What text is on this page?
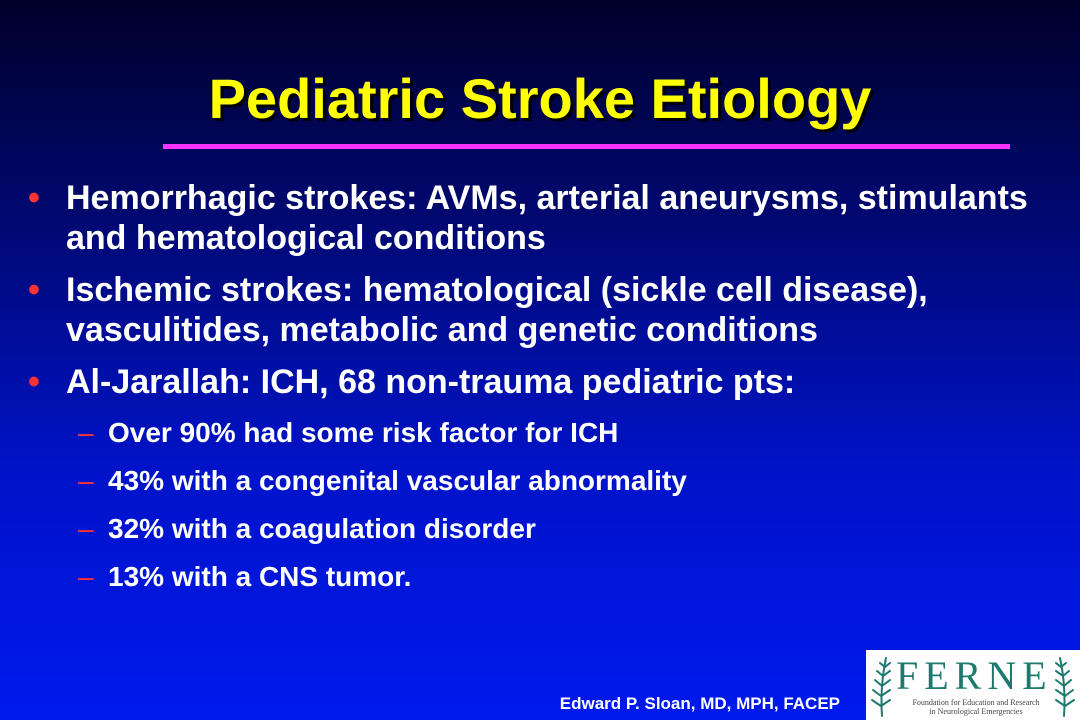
Pediatric Stroke Etiology
• Hemorrhagic strokes: AVMs, arterial aneurysms, stimulants and hematological conditions
• Ischemic strokes: hematological (sickle cell disease), vasculitides, metabolic and genetic conditions
• Al-Jarallah: ICH, 68 non-trauma pediatric pts:
– Over 90% had some risk factor for ICH
– 43% with a congenital vascular abnormality
– 32% with a coagulation disorder
– 13% with a CNS tumor.
Edward P. Sloan, MD, MPH, FACEP
FERNE
Foundation for Education and Research
in Neurological Emergencies
